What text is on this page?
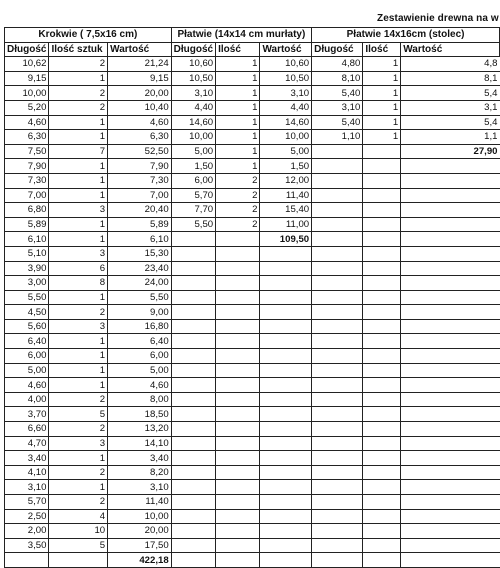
Zestawienie drewna na w
Krokwie ( 7,5x16 cm)			Płatwie (14x14 cm murłaty)			Płatwie 14x16cm (stolec)		
Długość	Ilość sztuk	Wartość	Długość	Ilość	Wartość	Długość	Ilość	Wartość
10,62	2	21,24	10,60	1	10,60	4,80	1	4,8
9,15	1	9,15	10,50	1	10,50	8,10	1	8,1
10,00	2	20,00	3,10	1	3,10	5,40	1	5,4
5,20	2	10,40	4,40	1	4,40	3,10	1	3,1
4,60	1	4,60	14,60	1	14,60	5,40	1	5,4
6,30	1	6,30	10,00	1	10,00	1,10	1	1,1
7,50	7	52,50	5,00	1	5,00			27,90
7,90	1	7,90	1,50	1	1,50			
7,30	1	7,30	6,00	2	12,00			
7,00	1	7,00	5,70	2	11,40			
6,80	3	20,40	7,70	2	15,40			
5,89	1	5,89	5,50	2	11,00			
6,10	1	6,10			109,50			
5,10	3	15,30						
3,90	6	23,40						
3,00	8	24,00						
5,50	1	5,50						
4,50	2	9,00						
5,60	3	16,80						
6,40	1	6,40						
6,00	1	6,00						
5,00	1	5,00						
4,60	1	4,60						
4,00	2	8,00						
3,70	5	18,50						
6,60	2	13,20						
4,70	3	14,10						
3,40	1	3,40						
4,10	2	8,20						
3,10	1	3,10						
5,70	2	11,40						
2,50	4	10,00						
2,00	10	20,00						
3,50	5	17,50						
		422,18						
